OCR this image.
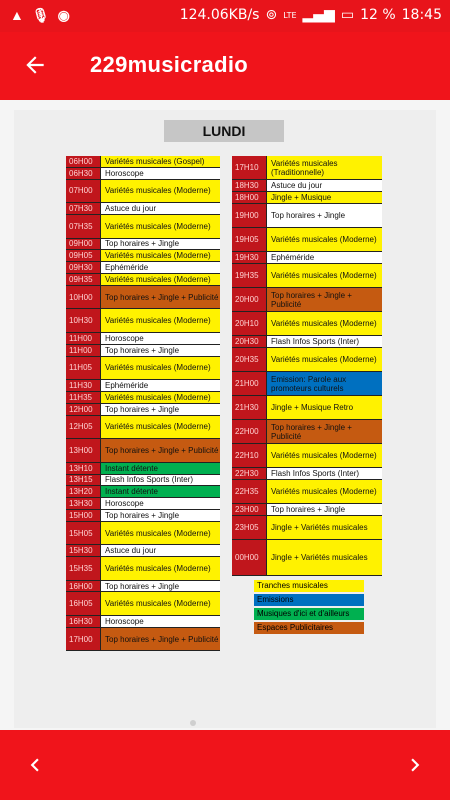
▲ 🎙 ◉	124.06KB/s ⊚ LTE ▂▄▆ ▭ 12 % 18:45
229musicradio
LUNDI
06H00	Variétés musicales (Gospel)
06H30	Horoscope
07H00	Variétés musicales (Moderne)
07H30	Astuce du jour
07H35	Variétés musicales (Moderne)
09H00	Top horaires + Jingle
09H05	Variétés musicales (Moderne)
09H30	Ephéméride
09H35	Variétés musicales (Moderne)
10H00	Top horaires + Jingle + Publicité
10H30	Variétés musicales (Moderne)
11H00	Horoscope
11H00	Top horaires + Jingle
11H05	Variétés musicales (Moderne)
11H30	Ephéméride
11H35	Variétés musicales (Moderne)
12H00	Top horaires + Jingle
12H05	Variétés musicales (Moderne)
13H00	Top horaires + Jingle + Publicité
13H10	Instant détente
13H15	Flash Infos Sports (Inter)
13H20	Instant détente
13H30	Horoscope
15H00	Top horaires + Jingle
15H05	Variétés musicales (Moderne)
15H30	Astuce du jour
15H35	Variétés musicales (Moderne)
16H00	Top horaires + Jingle
16H05	Variétés musicales (Moderne)
16H30	Horoscope
17H00	Top horaires + Jingle + Publicité
17H10	Variétés musicales (Traditionnelle)
18H30	Astuce du jour
18H00	Jingle + Musique
19H00	Top horaires + Jingle
19H05	Variétés musicales (Moderne)
19H30	Ephéméride
19H35	Variétés musicales (Moderne)
20H00	Top horaires + Jingle + Publicité
20H10	Variétés musicales (Moderne)
20H30	Flash Infos Sports (Inter)
20H35	Variétés musicales (Moderne)
21H00	Emission: Parole aux promoteurs culturels
21H30	Jingle + Musique Retro
22H00	Top horaires + Jingle + Publicité
22H10	Variétés musicales (Moderne)
22H30	Flash Infos Sports (Inter)
22H35	Variétés musicales (Moderne)
23H00	Top horaires + Jingle
23H05	Jingle + Variétés musicales
00H00	Jingle + Variétés musicales
Tranches musicales
Emissions
Musiques d'ici et d'ailleurs
Espaces Publicitaires
